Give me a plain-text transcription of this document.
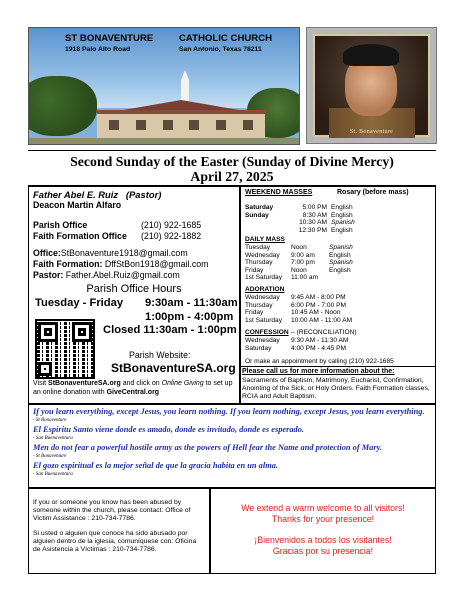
ST BONAVENTURE	CATHOLIC CHURCH
1918 Palo Alto Road	San Antonio, Texas 78211
St. Bonaventure
Second Sunday of the Easter (Sunday of Divine Mercy)
April 27, 2025
Father Abel E. Ruiz (Pastor)
Deacon Martin Alfaro
Parish Office	(210) 922-1685
Faith Formation Office	(210) 922-1882
Office:StBonaventure1918@gmail.com
Faith Formation: DffStBon1918@gmail.com
Pastor: Father.Abel.Ruiz@gmail.com
Parish Office Hours
Tuesday - Friday	9:30am - 11:30am
1:00pm - 4:00pm
Closed 11:30am - 1:00pm
Parish Website:
StBonaventureSA.org
Visit StBonaventureSA.org and click on Online Giving to set up an online donation with GiveCentral.org
WEEKEND MASSES	Rosary (before mass)
Saturday	5:00 PM English
Sunday	8:30 AM English
10:30 AM Spanish
12:30 PM English
DAILY MASS
Tuesday	Noon	Spanish
Wednesday	9:00 am	English
Thursday	7:00 pm	Spanish
Friday	Noon	English
1st Saturday	11:00 am
ADORATION
Wednesday	9:45 AM - 8:00 PM
Thursday	6:00 PM - 7:00 PM
Friday	10:45 AM - Noon
1st Saturday	10:00 AM - 11:00 AM
CONFESSION -- (RECONCILIATION)
Wednesday	9:30 AM - 11:30 AM
Saturday	4:00 PM - 4:45 PM
Or make an appointment by calling (210) 922-1685
Please call us for more information about the:
Sacraments of Baptism, Matrimony, Eucharist, Confirmation, Anointing of the Sick, or Holy Orders. Faith Formation classes, RCIA and Adult Baptism.
If you learn everything, except Jesus, you learn nothing. If you learn nothing, except Jesus, you learn everything.
- St Bonaventure
El Espíritu Santo viene donde es amado, donde es invitado, donde es esperado.
- San Buenaventura
Men do not fear a powerful hostile army as the powers of Hell fear the Name and protection of Mary.
- St Bonaventure
El gozo espiritual es la mejor señal de que la gracia habita en un alma.
- San Buenaventura

If you or someone you know has been abused by someone within the church, please contact: Office of Victim Assistance : 210-734-7786.

Si usted o alguien que conoce ha sido abusado por alguien dentro de la iglesia, comuníquese con: Oficina de Asistencia a Víctimas : 210-734-7786.

We extend a warm welcome to all visitors!
Thanks for your presence!

¡Bienvenidos a todos los visitantes!
Gracias por su presencia!
